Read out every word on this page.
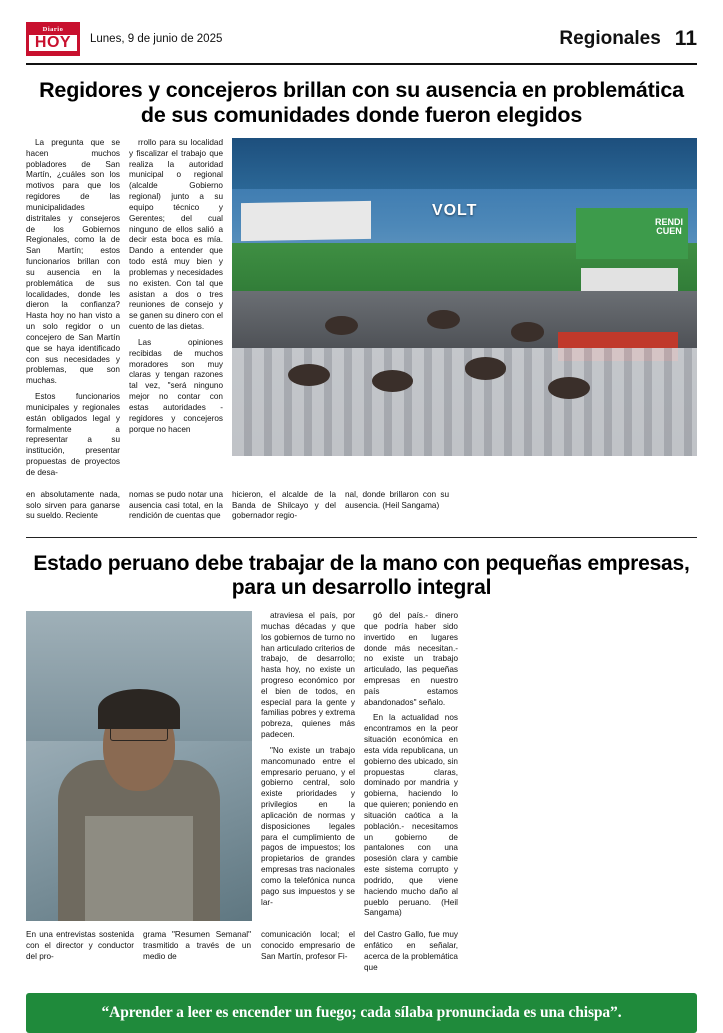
Diario
HOY	Lunes, 9 de junio de 2025	Regionales 11
Regidores y concejeros brillan con su ausencia en problemática de sus comunidades donde fueron elegidos

La pregunta que se hacen muchos pobladores de San Martín, ¿cuáles son los motivos para que los regidores de las municipalidades distritales y consejeros de los Gobiernos Regionales, como la de San Martín; estos funcionarios brillan con su ausencia en la problemática de sus localidades, donde les dieron la confianza? Hasta hoy no han visto a un solo regidor o un concejero de San Martín que se haya identificado con sus necesidades y problemas, que son muchas.

Estos funcionarios municipales y regionales están obligados legal y formalmente a representar a su institución, presentar propuestas de proyectos de desa-

rrollo para su localidad y fiscalizar el trabajo que realiza la autoridad municipal o regional (alcalde Gobierno regional) junto a su equipo técnico y Gerentes; del cual ninguno de ellos salió a decir esta boca es mía. Dando a entender que todo está muy bien y problemas y necesidades no existen. Con tal que asistan a dos o tres reuniones de consejo y se ganen su dinero con el cuento de las dietas.

Las opiniones recibidas de muchos moradores son muy claras y tengan razones tal vez, "será ninguno mejor no contar con estas autoridades - regidores y concejeros porque no hacen

VOLT
RENDI
CUEN

en absolutamente nada, solo sirven para ganarse su sueldo. Reciente

nomas se pudo notar una ausencia casi total, en la rendición de cuentas que

hicieron, el alcalde de la Banda de Shilcayo y del gobernador regio-

nal, donde brillaron con su ausencia. (Heil Sangama)

Estado peruano debe trabajar de la mano con pequeñas empresas, para un desarrollo integral

atraviesa el país, por muchas décadas y que los gobiernos de turno no han articulado criterios de trabajo, de desarrollo; hasta hoy, no existe un progreso económico por el bien de todos, en especial para la gente y familias pobres y extrema pobreza, quienes más padecen.

"No existe un trabajo mancomunado entre el empresario peruano, y el gobierno central, solo existe prioridades y privilegios en la aplicación de normas y disposiciones legales para el cumplimiento de pagos de impuestos; los propietarios de grandes empresas tras nacionales como la telefónica nunca pago sus impuestos y se lar-

gó del país.- dinero que podría haber sido invertido en lugares donde más necesitan.- no existe un trabajo articulado, las pequeñas empresas en nuestro país estamos abandonados" señalo.

En la actualidad nos encontramos en la peor situación económica en esta vida republicana, un gobierno des ubicado, sin propuestas claras, dominado por mandria y gobierna, haciendo lo que quieren; poniendo en situación caótica a la población.- necesitamos un gobierno de pantalones con una posesión clara y cambie este sistema corrupto y podrido, que viene haciendo mucho daño al pueblo peruano. (Heil Sangama)

En una entrevistas sostenida con el director y conductor del pro-

grama "Resumen Semanal" trasmitido a través de un medio de

comunicación local; el conocido empresario de San Martín, profesor Fi-

del Castro Gallo, fue muy enfático en señalar, acerca de la problemática que

“Aprender a leer es encender un fuego; cada sílaba pronunciada es una chispa”.
